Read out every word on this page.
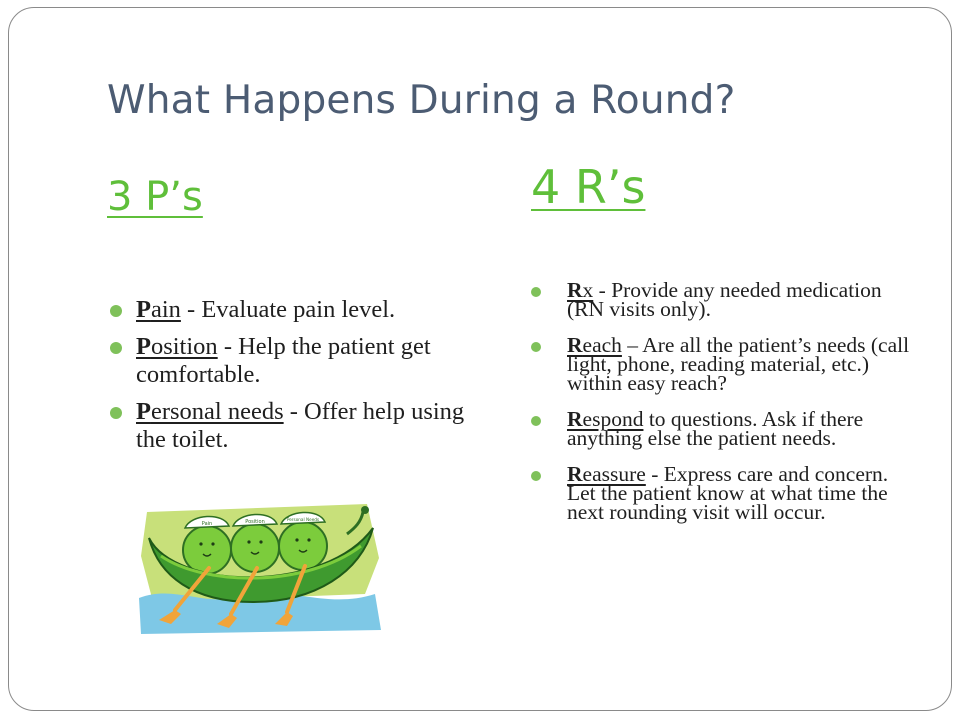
What Happens During a Round?
3 P’s	4 R’s
Pain - Evaluate pain level.
Position - Help the patient get comfortable.
Personal needs - Offer help using the toilet.
Rx - Provide any needed medication (RN visits only).
Reach – Are all the patient’s needs (call light, phone, reading material, etc.) within easy reach?
Respond to questions. Ask if there anything else the patient needs.
Reassure - Express care and concern. Let the patient know at what time the next rounding visit will occur.
Pain	Position	Personal Needs
